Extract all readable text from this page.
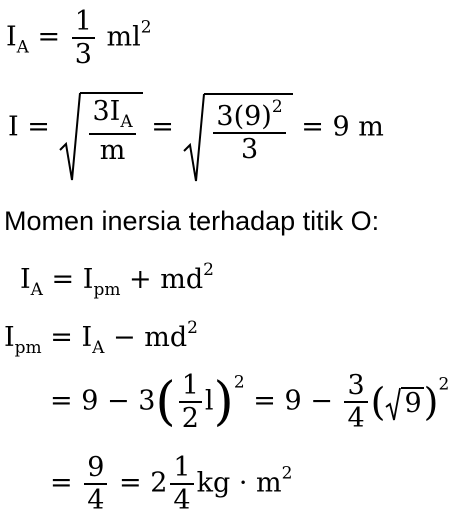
$I_A = \frac{1}{3} ml^2$
$I = \frac{3I_A}{m} = \frac{3(9)^2}{3} = 9$ m
Momen inersia terhadap titik O:
$I_A = I_{pm} + md^2$
$I_{pm} = I_A - md^2$
= $9 - 3( \frac{1}{2} l)^2 = 9 - \frac{3}{4}$ ( 9)$^2$
= $\frac{9}{4} = 2 \frac{1}{4}$ kg · $m^2$
